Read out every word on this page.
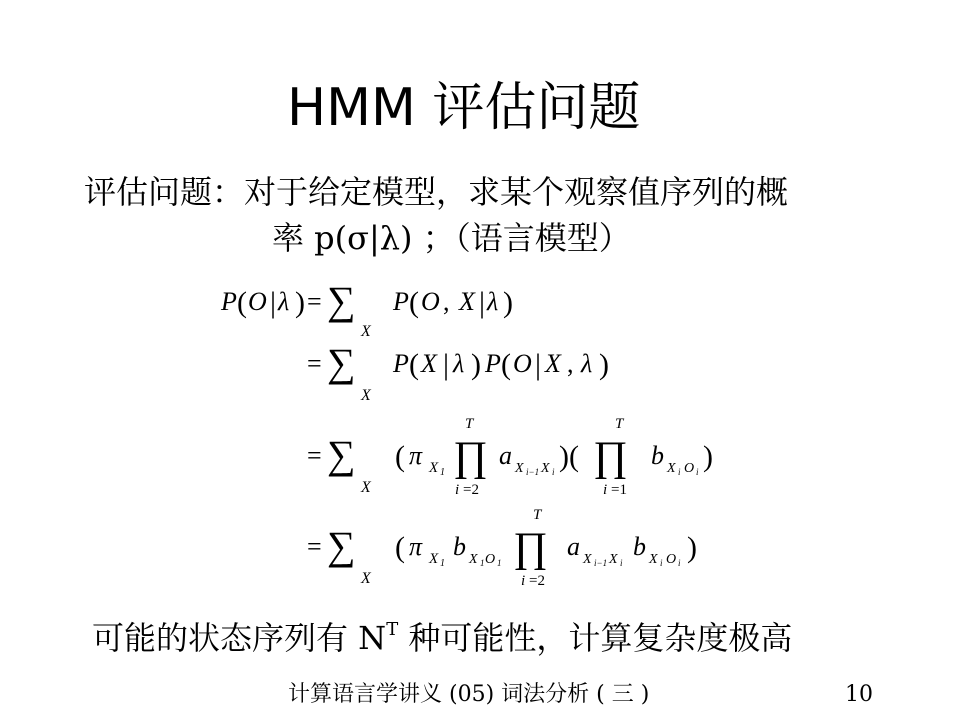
HMM 评估问题
评估问题：对于给定模型，求某个观察值序列的概
率 p(σ|λ) ；（语言模型）
P ( O | λ ) = ∑
X
P ( O , X | λ )
= ∑
X
P ( X | λ ) P ( O | X , λ )
= ∑
X
( π X 1 ∏
T
i =2
a X i−1 X i )( ∏
T
i =1
b X i O i )
= ∑
X
( π X 1
b X 1 O 1 ∏
T
i =2
a X i−1 X i
b X i O i )
可能的状态序列有 $N^T$ 种可能性，计算复杂度极高
计算语言学讲义 (05) 词法分析 ( 三 )	10
